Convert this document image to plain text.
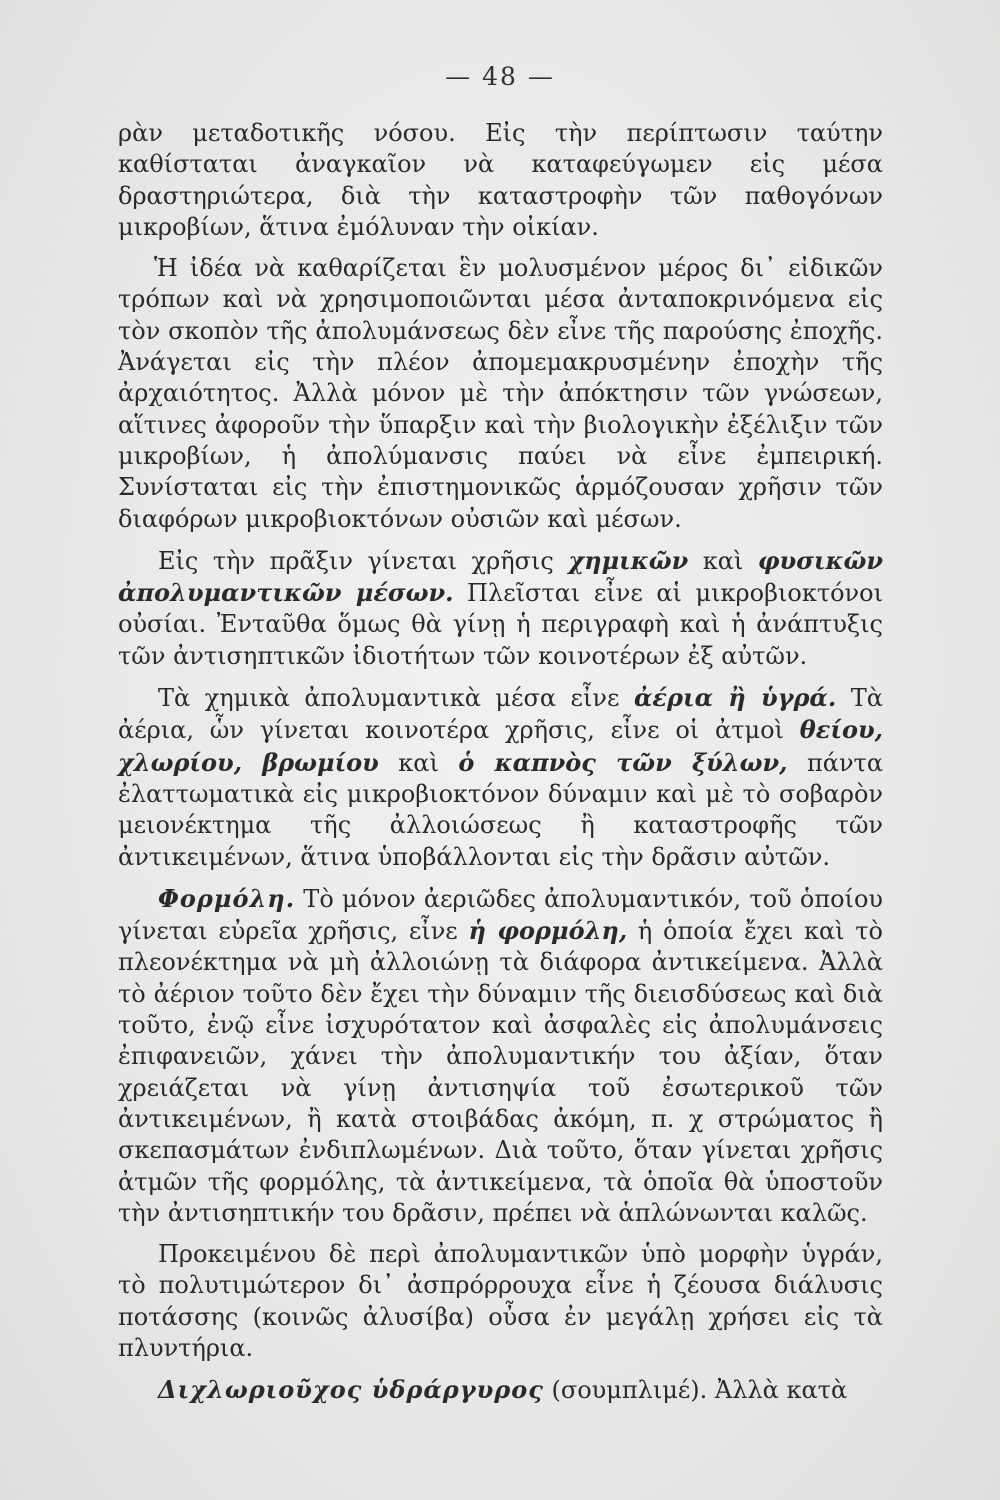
— 48 —

ρὰν μεταδοτικῆς νόσου. Εἰς τὴν περίπτωσιν ταύτην καθίσταται ἀναγκαῖον νὰ καταφεύγωμεν εἰς μέσα δραστηριώτερα, διὰ τὴν καταστροφὴν τῶν παθογόνων μικροβίων, ἅτινα ἐμόλυναν τὴν οἰκίαν.

Ἡ ἰδέα νὰ καθαρίζεται ἓν μολυσμένον μέρος δι᾽ εἰδικῶν τρόπων καὶ νὰ χρησιμοποιῶνται μέσα ἀνταποκρινόμενα εἰς τὸν σκοπὸν τῆς ἀπολυμάνσεως δὲν εἶνε τῆς παρούσης ἐποχῆς. Ἀνάγεται εἰς τὴν πλέον ἀπομεμακρυσμένην ἐποχὴν τῆς ἀρχαιότητος. Ἀλλὰ μόνον μὲ τὴν ἀπόκτησιν τῶν γνώσεων, αἵτινες ἀφοροῦν τὴν ὕπαρξιν καὶ τὴν βιολογικὴν ἐξέλιξιν τῶν μικροβίων, ἡ ἀπολύμανσις παύει νὰ εἶνε ἐμπειρική. Συνίσταται εἰς τὴν ἐπιστημονικῶς ἁρμόζουσαν χρῆσιν τῶν διαφόρων μικροβιοκτόνων οὐσιῶν καὶ μέσων.

Εἰς τὴν πρᾶξιν γίνεται χρῆσις χημικῶν καὶ φυσικῶν ἀπολυμαντικῶν μέσων. Πλεῖσται εἶνε αἱ μικροβιοκτόνοι οὐσίαι. Ἐνταῦθα ὅμως θὰ γίνῃ ἡ περιγραφὴ καὶ ἡ ἀνάπτυξις τῶν ἀντισηπτικῶν ἰδιοτήτων τῶν κοινοτέρων ἐξ αὐτῶν.

Τὰ χημικὰ ἀπολυμαντικὰ μέσα εἶνε ἀέρια ἢ ὑγρά. Τὰ ἀέρια, ὧν γίνεται κοινοτέρα χρῆσις, εἶνε οἱ ἀτμοὶ θείου, χλωρίου, βρωμίου καὶ ὁ καπνὸς τῶν ξύλων, πάντα ἐλαττωματικὰ εἰς μικροβιοκτόνον δύναμιν καὶ μὲ τὸ σοβαρὸν μειονέκτημα τῆς ἀλλοιώσεως ἢ καταστροφῆς τῶν ἀντικειμένων, ἅτινα ὑποβάλλονται εἰς τὴν δρᾶσιν αὐτῶν.

Φορμόλη. Τὸ μόνον ἀεριῶδες ἀπολυμαντικόν, τοῦ ὁποίου γίνεται εὐρεῖα χρῆσις, εἶνε ἡ φορμόλη, ἡ ὁποία ἔχει καὶ τὸ πλεονέκτημα νὰ μὴ ἀλλοιώνῃ τὰ διάφορα ἀντικείμενα. Ἀλλὰ τὸ ἀέριον τοῦτο δὲν ἔχει τὴν δύναμιν τῆς διεισδύσεως καὶ διὰ τοῦτο, ἐνῷ εἶνε ἰσχυρότατον καὶ ἀσφαλὲς εἰς ἀπολυμάνσεις ἐπιφανειῶν, χάνει τὴν ἀπολυμαντικήν του ἀξίαν, ὅταν χρειάζεται νὰ γίνῃ ἀντισηψία τοῦ ἐσωτερικοῦ τῶν ἀντικειμένων, ἢ κατὰ στοιβάδας ἀκόμη, π. χ στρώματος ἢ σκεπασμάτων ἐνδιπλωμένων. Διὰ τοῦτο, ὅταν γίνεται χρῆσις ἀτμῶν τῆς φορμόλης, τὰ ἀντικείμενα, τὰ ὁποῖα θὰ ὑποστοῦν τὴν ἀντισηπτικήν του δρᾶσιν, πρέπει νὰ ἁπλώνωνται καλῶς.

Προκειμένου δὲ περὶ ἀπολυμαντικῶν ὑπὸ μορφὴν ὑγράν, τὸ πολυτιμώτερον δι᾽ ἀσπρόρρουχα εἶνε ἡ ζέουσα διάλυσις ποτάσσης (κοινῶς ἀλυσίβα) οὖσα ἐν μεγάλῃ χρήσει εἰς τὰ πλυντήρια.

Διχλωριοῦχος ὑδράργυρος (σουμπλιμέ). Ἀλλὰ κατὰ
